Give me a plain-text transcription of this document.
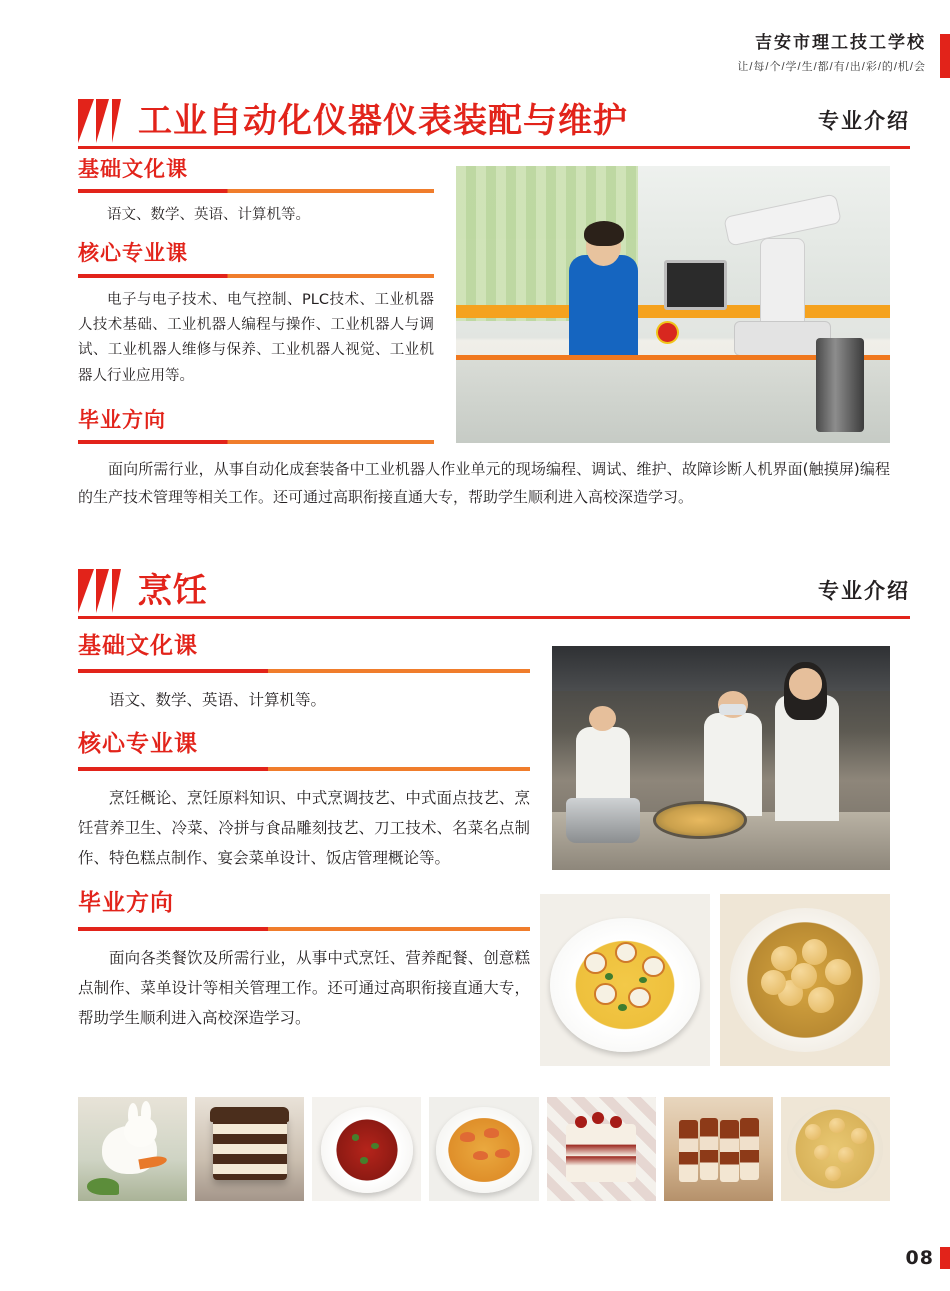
吉安市理工技工学校
让/每/个/学/生/都/有/出/彩/的/机/会
工业自动化仪器仪表装配与维护	专业介绍
基础文化课
语文、数学、英语、计算机等。
核心专业课
电子与电子技术、电气控制、PLC技术、工业机器人技术基础、工业机器人编程与操作、工业机器人与调试、工业机器人维修与保养、工业机器人视觉、工业机器人行业应用等。
毕业方向
面向所需行业，从事自动化成套装备中工业机器人作业单元的现场编程、调试、维护、故障诊断人机界面(触摸屏)编程的生产技术管理等相关工作。还可通过高职衔接直通大专，帮助学生顺利进入高校深造学习。
烹饪	专业介绍
基础文化课
语文、数学、英语、计算机等。
核心专业课
烹饪概论、烹饪原料知识、中式烹调技艺、中式面点技艺、烹饪营养卫生、冷菜、冷拼与食品雕刻技艺、刀工技术、名菜名点制作、特色糕点制作、宴会菜单设计、饭店管理概论等。
毕业方向
面向各类餐饮及所需行业，从事中式烹饪、营养配餐、创意糕点制作、菜单设计等相关管理工作。还可通过高职衔接直通大专，帮助学生顺利进入高校深造学习。
08
